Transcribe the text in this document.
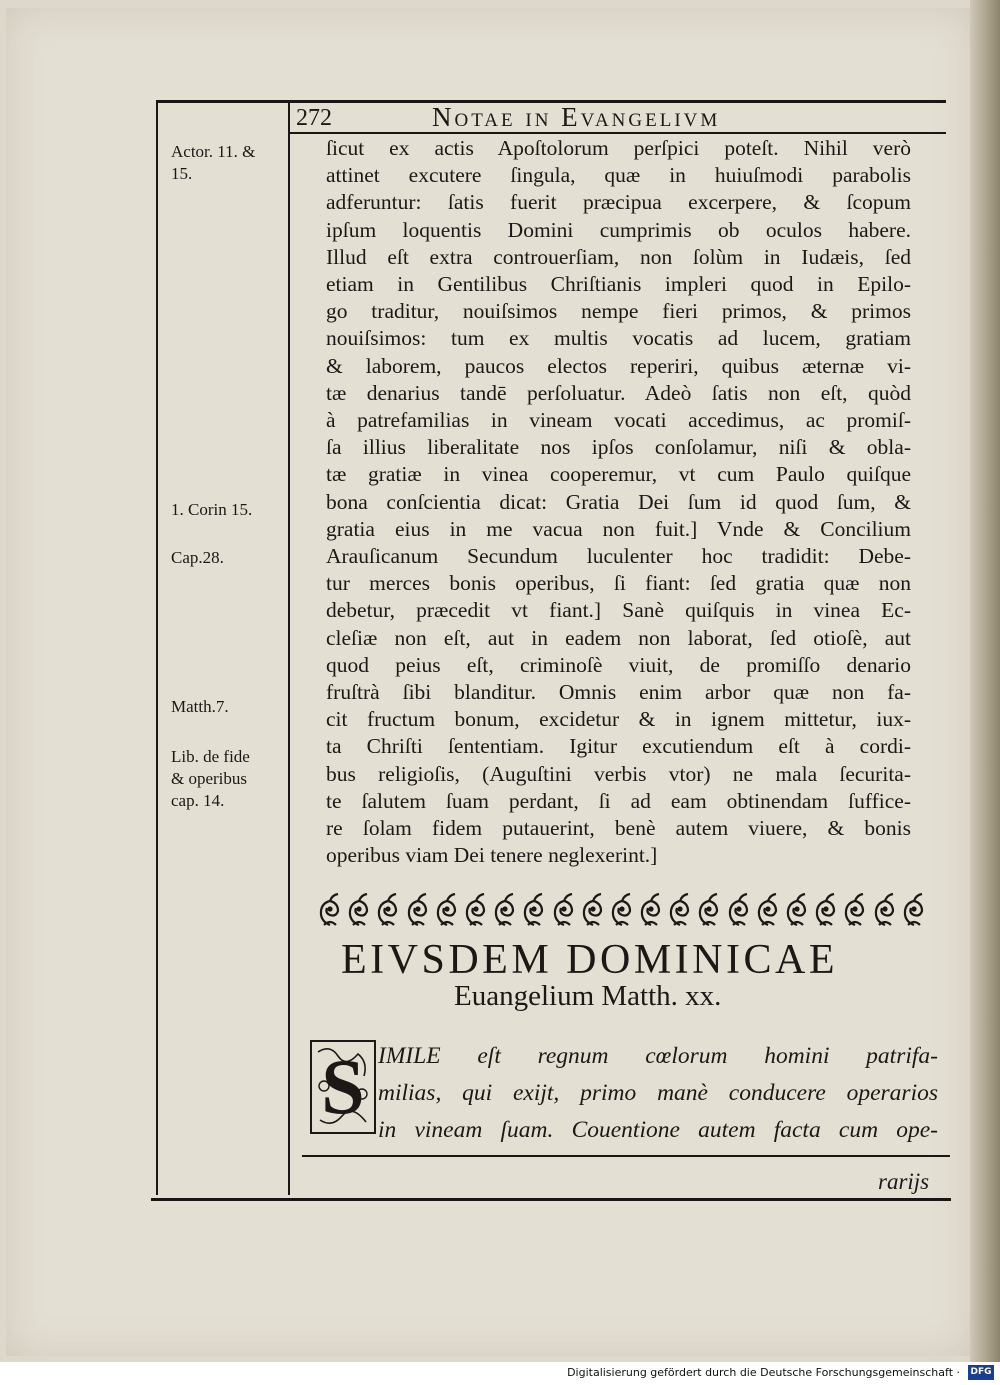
272	Notae in Evangelivm
Actor. 11. &
15.
1. Corin 15.
Cap.28.
Matth.7.
Lib. de fide
& operibus
cap. 14.
ſicut ex actis Apoſtolorum perſpici poteſt. Nihil verò
attinet excutere ſingula, quæ in huiuſmodi parabolis
adferuntur: ſatis fuerit præcipua excerpere, & ſcopum
ipſum loquentis Domini cumprimis ob oculos habere.
Illud eſt extra controuerſiam, non ſolùm in Iudæis, ſed
etiam in Gentilibus Chriſtianis impleri quod in Epilo-
go traditur, nouiſsimos nempe fieri primos, & primos
nouiſsimos: tum ex multis vocatis ad lucem, gratiam
& laborem, paucos electos reperiri, quibus æternæ vi-
tæ denarius tandē perſoluatur. Adeò ſatis non eſt, quòd
à patrefamilias in vineam vocati accedimus, ac promiſ-
ſa illius liberalitate nos ipſos conſolamur, niſi & obla-
tæ gratiæ in vinea cooperemur, vt cum Paulo quiſque
bona conſcientia dicat: Gratia Dei ſum id quod ſum, &
gratia eius in me vacua non fuit.] Vnde & Concilium
Arauſicanum Secundum luculenter hoc tradidit: Debe-
tur merces bonis operibus, ſi fiant: ſed gratia quæ non
debetur, præcedit vt fiant.] Sanè quiſquis in vinea Ec-
cleſiæ non eſt, aut in eadem non laborat, ſed otioſè, aut
quod peius eſt, criminoſè viuit, de promiſſo denario
fruſtrà ſibi blanditur. Omnis enim arbor quæ non fa-
cit fructum bonum, excidetur & in ignem mittetur, iux-
ta Chriſti ſententiam. Igitur excutiendum eſt à cordi-
bus religioſis, (Auguſtini verbis vtor) ne mala ſecurita-
te ſalutem ſuam perdant, ſi ad eam obtinendam ſuffice-
re ſolam fidem putauerint, benè autem viuere, & bonis
operibus viam Dei tenere neglexerint.]
EIVSDEM DOMINICAE
Euangelium Matth. xx.
S IMILE eſt regnum cœlorum homini patrifa-
milias, qui exijt, primo manè conducere operarios
in vineam ſuam. Couentione autem facta cum ope-
rarijs
Digitalisierung gefördert durch die Deutsche Forschungsgemeinschaft · DFG
